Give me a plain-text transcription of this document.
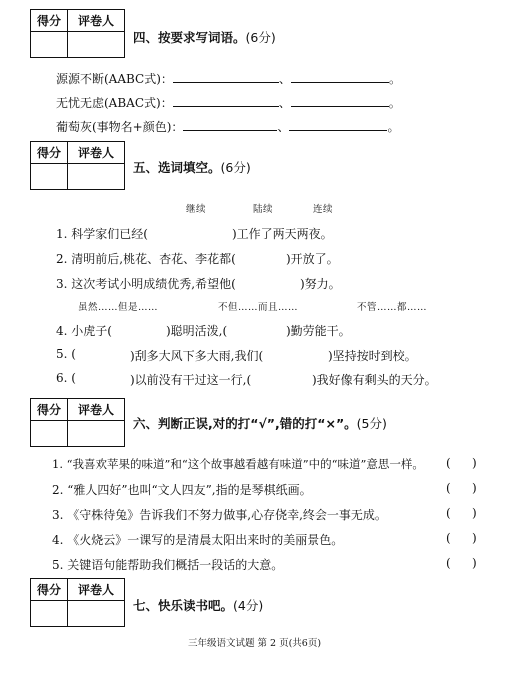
得分	评卷人
四、按要求写词语。(6分)
源源不断(AABC式)：	、	。
无忧无虑(ABAC式)：	、	。
葡萄灰(事物名+颜色)：	、	。
得分	评卷人
五、选词填空。(6分)
继续	陆续	连续
1. 科学家们已经(	)工作了两天两夜。
2. 清明前后,桃花、杏花、李花都(	)开放了。
3. 这次考试小明成绩优秀,希望他(	)努力。
虽然……但是……	不但……而且……	不管……都……
4. 小虎子(	)聪明活泼,(	)勤劳能干。
5. (	)刮多大风下多大雨,我们(	)坚持按时到校。
6. (	)以前没有干过这一行,(	)我好像有剩头的天分。
得分	评卷人
六、判断正误,对的打“√”,错的打“×”。(5分)
1. “我喜欢苹果的味道”和“这个故事越看越有味道”中的“味道”意思一样。 ( )
2. “雅人四好”也叫“文人四友”,指的是琴棋纸画。	( )
3. 《守株待兔》告诉我们不努力做事,心存侥幸,终会一事无成。	( )
4. 《火烧云》一课写的是清晨太阳出来时的美丽景色。	( )
5. 关键语句能帮助我们概括一段话的大意。	( )
得分	评卷人
七、快乐读书吧。(4分)
三年级语文试题 第 2 页(共6页)
